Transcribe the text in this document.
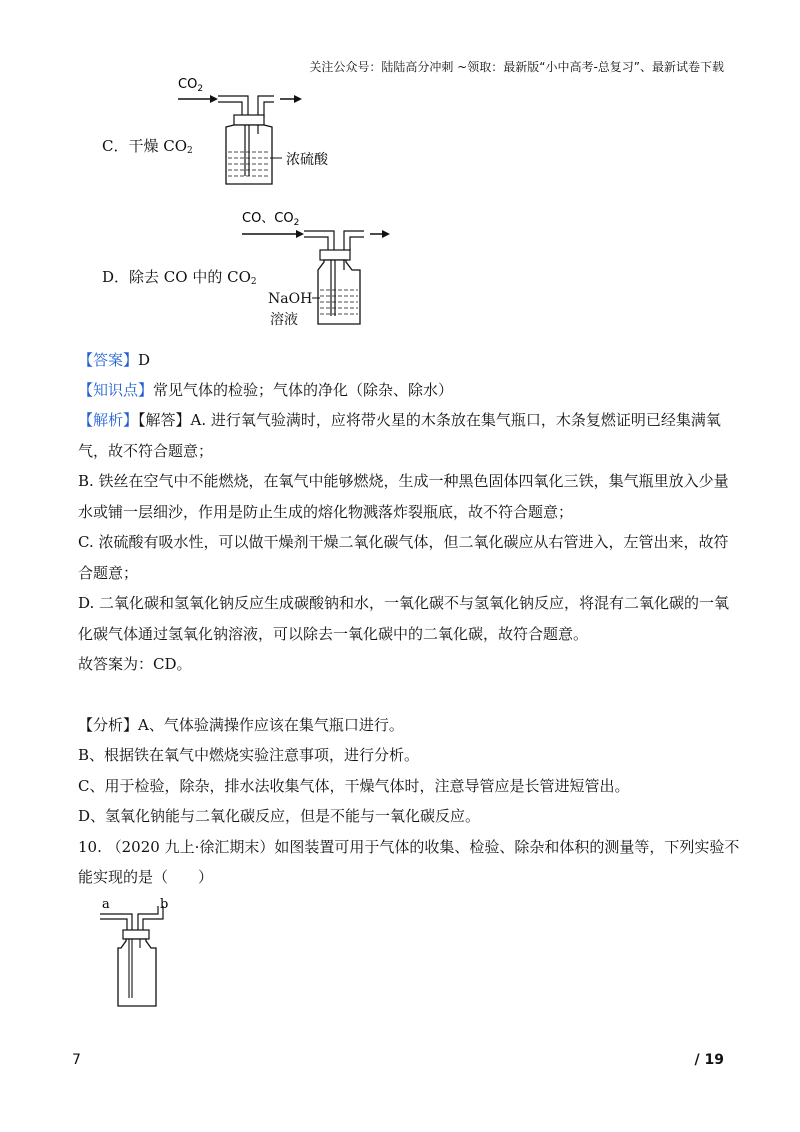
关注公众号：陆陆高分冲刺 ~领取：最新版“小中高考-总复习”、最新试卷下载
$CO_2$
浓硫酸
C．干燥 $CO_2$
CO、$CO_2$
NaOH
溶液
D．除去 CO 中的 $CO_2$
【答案】D
【知识点】常见气体的检验；气体的净化（除杂、除水）
【解析】【解答】A. 进行氧气验满时，应将带火星的木条放在集气瓶口，木条复燃证明已经集满氧
气，故不符合题意；
B. 铁丝在空气中不能燃烧，在氧气中能够燃烧，生成一种黑色固体四氧化三铁，集气瓶里放入少量
水或铺一层细沙，作用是防止生成的熔化物溅落炸裂瓶底，故不符合题意；
C. 浓硫酸有吸水性，可以做干燥剂干燥二氧化碳气体，但二氧化碳应从右管进入，左管出来，故符
合题意；
D. 二氧化碳和氢氧化钠反应生成碳酸钠和水，一氧化碳不与氢氧化钠反应，将混有二氧化碳的一氧
化碳气体通过氢氧化钠溶液，可以除去一氧化碳中的二氧化碳，故符合题意。
故答案为：CD。
【分析】A、气体验满操作应该在集气瓶口进行。
B、根据铁在氧气中燃烧实验注意事项，进行分析。
C、用于检验，除杂，排水法收集气体，干燥气体时，注意导管应是长管进短管出。
D、氢氧化钠能与二氧化碳反应，但是不能与一氧化碳反应。
10. （2020 九上·徐汇期末）如图装置可用于气体的收集、检验、除杂和体积的测量等，下列实验不
能实现的是（　　）
a	b
7	/ 19
